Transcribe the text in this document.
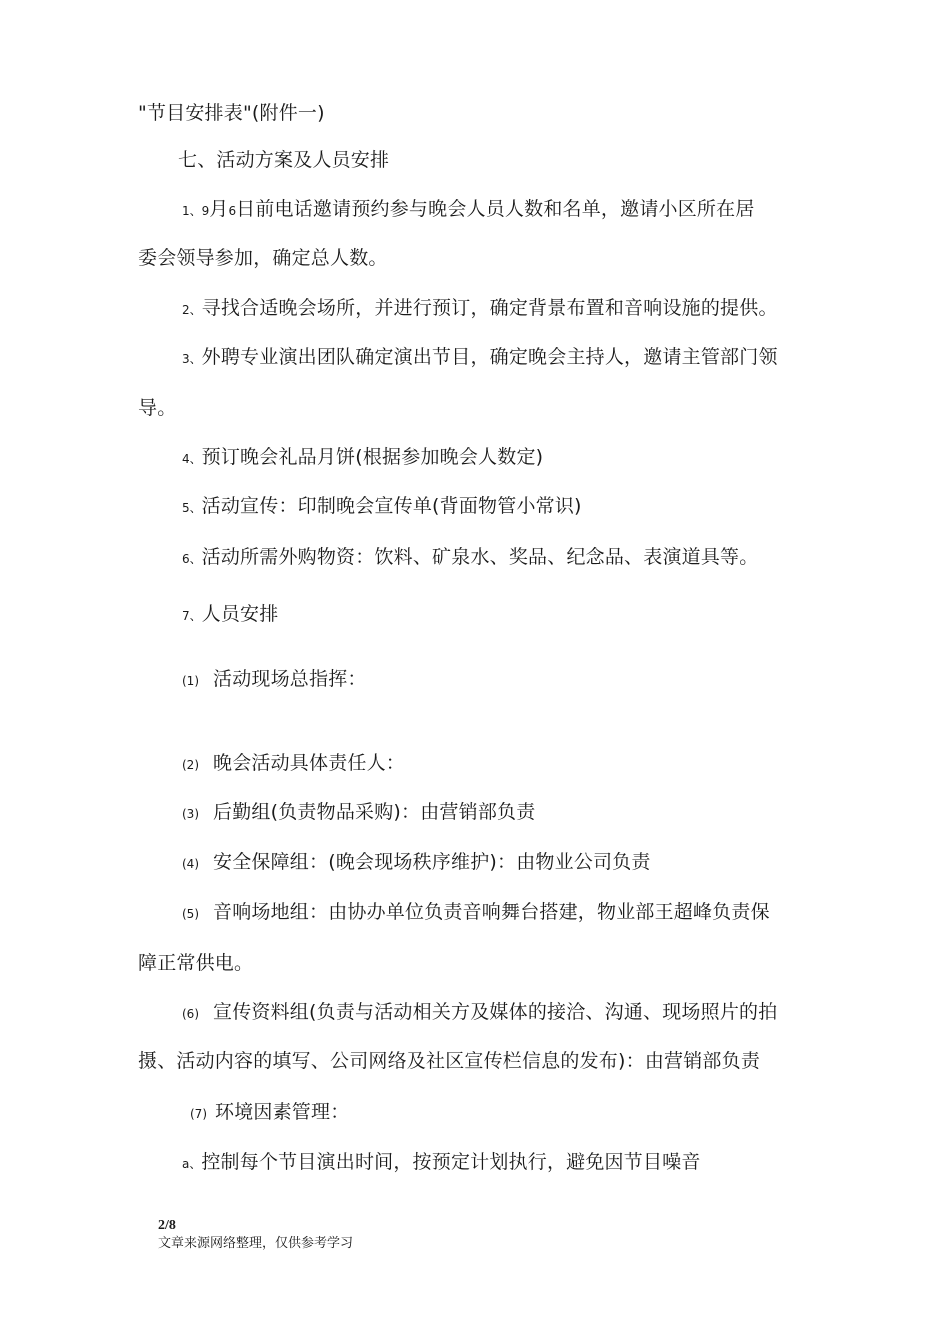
"节目安排表"(附件一)
七、活动方案及人员安排
1、9月6日前电话邀请预约参与晚会人员人数和名单，邀请小区所在居
委会领导参加，确定总人数。
2、寻找合适晚会场所，并进行预订，确定背景布置和音响设施的提供。
3、外聘专业演出团队确定演出节目，确定晚会主持人，邀请主管部门领
导。
4、预订晚会礼品月饼(根据参加晚会人数定)
5、活动宣传：印制晚会宣传单(背面物管小常识)
6、活动所需外购物资：饮料、矿泉水、奖品、纪念品、表演道具等。
7、人员安排
(1) 活动现场总指挥：
(2) 晚会活动具体责任人：
(3) 后勤组(负责物品采购)：由营销部负责
(4) 安全保障组：(晚会现场秩序维护)：由物业公司负责
(5) 音响场地组：由协办单位负责音响舞台搭建，物业部王超峰负责保
障正常供电。
(6) 宣传资料组(负责与活动相关方及媒体的接洽、沟通、现场照片的拍
摄、活动内容的填写、公司网络及社区宣传栏信息的发布)：由营销部负责
(7) 环境因素管理：
a、控制每个节目演出时间，按预定计划执行，避免因节目噪音
2/8
文章来源网络整理，仅供参考学习
